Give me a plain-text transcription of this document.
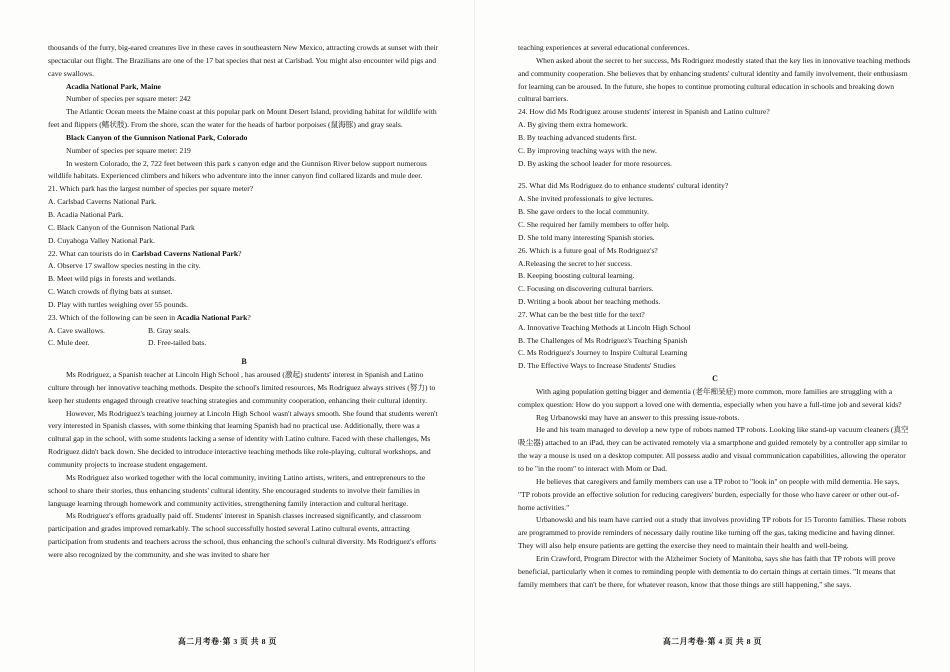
thousands of the furry, big-eared creatures live in these caves in southeastern New Mexico, attracting crowds at sunset with their spectacular out flight. The Brazilians are one of the 17 bat species that nest at Carlsbad. You might also encounter wild pigs and cave swallows.

Acadia National Park, Maine

Number of species per square meter: 242

The Atlantic Ocean meets the Maine coast at this popular park on Mount Desert Island, providing habitat for wildlife with feet and flippers (鳍状肢). From the shore, scan the water for the heads of harbor porpoises (鼠海豚) and gray seals.

Black Canyon of the Gunnison National Park, Colorado

Number of species per square meter: 219

In western Colorado, the 2, 722 feet between this park s canyon edge and the Gunnison River below support numerous wildlife habitats. Experienced climbers and hikers who adventure into the inner canyon find collared lizards and mule deer.

21. Which park has the largest number of species per square meter?

A. Carlsbad Caverns National Park.

B. Acadia National Park.

C. Black Canyon of the Gunnison National Park

D. Cuyahoga Valley National Park.

22. What can tourists do in Carlsbad Caverns National Park?

A. Observe 17 swallow species nesting in the city.

B. Meet wild pigs in forests and wetlands.

C. Watch crowds of flying bats at sunset.

D. Play with turtles weighing over 55 pounds.

23. Which of the following can be seen in Acadia National Park?

A. Cave swallows.	B. Gray seals.

C. Mule deer.	D. Free-tailed bats.

B

Ms Rodriguez, a Spanish teacher at Lincoln High School , has aroused (激起) students' interest in Spanish and Latino culture through her innovative teaching methods. Despite the school's limited resources, Ms Rodriguez always strives (努力) to keep her students engaged through creative teaching strategies and community cooperation, enhancing their cultural identity.

However, Ms Rodriguez's teaching journey at Lincoln High School wasn't always smooth. She found that students weren't very interested in Spanish classes, with some thinking that learning Spanish had no practical use. Additionally, there was a cultural gap in the school, with some students lacking a sense of identity with Latino culture. Faced with these challenges, Ms Rodriguez didn't back down. She decided to introduce interactive teaching methods like role-playing, cultural workshops, and community projects to increase student engagement.

Ms Rodriguez also worked together with the local community, inviting Latino artists, writers, and entrepreneurs to the school to share their stories, thus enhancing students' cultural identity. She encouraged students to involve their families in language learning through homework and community activities, strengthening family interaction and cultural heritage.

Ms Rodriguez's efforts gradually paid off. Students' interest in Spanish classes increased significantly, and classroom participation and grades improved remarkably. The school successfully hosted several Latino cultural events, attracting participation from students and teachers across the school, thus enhancing the school's cultural diversity. Ms Rodriguez's efforts were also recognized by the community, and she was invited to share her

高二月考卷·第 3 页 共 8 页

teaching experiences at several educational conferences.

When asked about the secret to her success, Ms Rodriguez modestly stated that the key lies in innovative teaching methods and community cooperation. She believes that by enhancing students' cultural identity and family involvement, their enthusiasm for learning can be aroused. In the future, she hopes to continue promoting cultural education in schools and breaking down cultural barriers.

24. How did Ms Rodriguez arouse students' interest in Spanish and Latino culture?

A. By giving them extra homework.

B. By teaching advanced students first.

C. By improving teaching ways with the new.

D. By asking the school leader for more resources.

25. What did Ms Rodriguez do to enhance students' cultural identity?

A. She invited professionals to give lectures.

B. She gave orders to the local community.

C. She required her family members to offer help.

D. She told many interesting Spanish stories.

26. Which is a future goal of Ms Rodriguez's?

A.Releasing the secret to her success.

B. Keeping boosting cultural learning.

C. Focusing on discovering cultural barriers.

D. Writing a book about her teaching methods.

27. What can be the best title for the text?

A. Innovative Teaching Methods at Lincoln High School

B. The Challenges of Ms Rodriguez's Teaching Spanish

C. Ms Rodriguez's Journey to Inspire Cultural Learning

D. The Effective Ways to Increase Students' Studies

C

With aging population getting bigger and dementia (老年痴呆症) more common, more families are struggling with a complex question: How do you support a loved one with dementia, especially when you have a full-time job and several kids?

Reg Urbanowski may have an answer to this pressing issue-robots.

He and his team managed to develop a new type of robots named TP robots. Looking like stand-up vacuum cleaners (真空吸尘器) attached to an iPad, they can be activated remotely via a smartphone and guided remotely by a controller app similar to the way a mouse is used on a desktop computer. All possess audio and visual communication capabilities, allowing the operator to be "in the room" to interact with Mom or Dad.

He believes that caregivers and family members can use a TP robot to "look in" on people with mild dementia. He says, "TP robots provide an effective solution for reducing caregivers' burden, especially for those who have career or other out-of-home activities."

Urbanowski and his team have carried out a study that involves providing TP robots for 15 Toronto families. These robots are programmed to provide reminders of necessary daily routine like turning off the gas, taking medicine and having dinner. They will also help ensure patients are getting the exercise they need to maintain their health and well-being.

Erin Crawford, Program Director with the Alzheimer Society of Manitoba, says she has faith that TP robots will prove beneficial, particularly when it comes to reminding people with dementia to do certain things at certain times. "It means that family members that can't be there, for whatever reason, know that those things are still happening," she says.

高二月考卷·第 4 页 共 8 页
